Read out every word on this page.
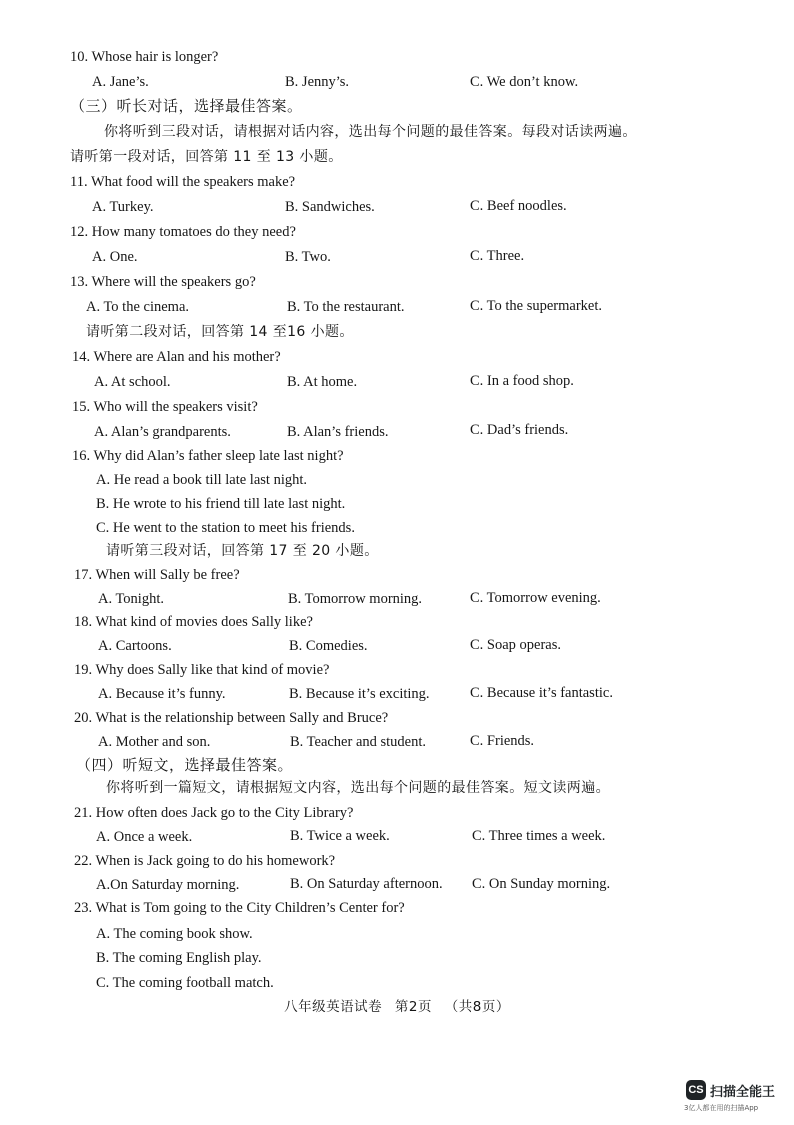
10. Whose hair is longer?
A. Jane’s.	B. Jenny’s.	C. We don’t know.
（三）听长对话，选择最佳答案。
你将听到三段对话，请根据对话内容，选出每个问题的最佳答案。每段对话读两遍。
请听第一段对话，回答第 11 至 13 小题。
11. What food will the speakers make?
A. Turkey.	B. Sandwiches.	C. Beef noodles.
12. How many tomatoes do they need?
A. One.	B. Two.	C. Three.
13. Where will the speakers go?
A. To the cinema.	B. To the restaurant.	C. To the supermarket.
请听第二段对话，回答第 14 至16 小题。
14. Where are Alan and his mother?
A. At school.	B. At home.	C. In a food shop.
15. Who will the speakers visit?
A. Alan’s grandparents.	B. Alan’s friends.	C. Dad’s friends.
16. Why did Alan’s father sleep late last night?
A. He read a book till late last night.
B. He wrote to his friend till late last night.
C. He went to the station to meet his friends.
请听第三段对话，回答第 17 至 20 小题。
17. When will Sally be free?
A. Tonight.	B. Tomorrow morning.	C. Tomorrow evening.
18. What kind of movies does Sally like?
A. Cartoons.	B. Comedies.	C. Soap operas.
19. Why does Sally like that kind of movie?
A. Because it’s funny.	B. Because it’s exciting.	C. Because it’s fantastic.
20. What is the relationship between Sally and Bruce?
A. Mother and son.	B. Teacher and student.	C. Friends.
（四）听短文，选择最佳答案。
你将听到一篇短文，请根据短文内容，选出每个问题的最佳答案。短文读两遍。
21. How often does Jack go to the City Library?
A. Once a week.	B. Twice a week.	C. Three times a week.
22. When is Jack going to do his homework?
A.On Saturday morning.	B. On Saturday afternoon. C. On Sunday morning.
23. What is Tom going to the City Children’s Center for?
A. The coming book show.
B. The coming English play.
C. The coming football match.
八年级英语试卷 第2页 （共8页）
CS 扫描全能王
3亿人都在用的扫描App
